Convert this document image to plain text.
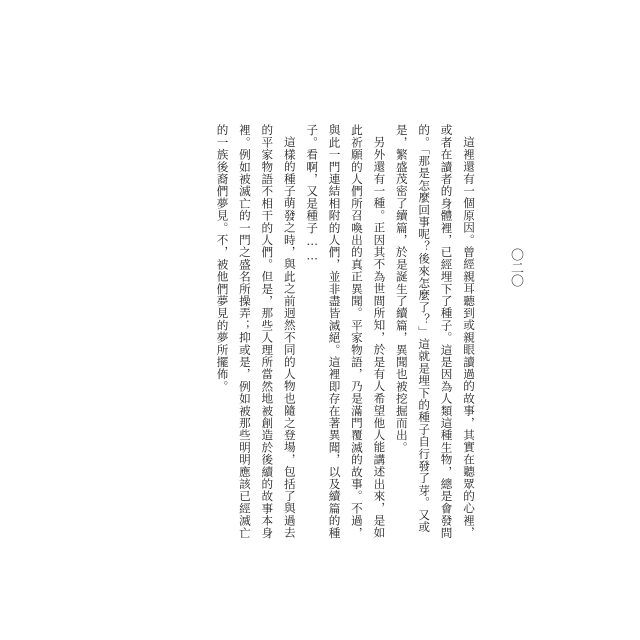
〇二〇

這裡還有一個原因。曾經親耳聽到或親眼讀過的故事，其實在聽眾的心裡，或者在讀者的身體裡，已經埋下了種子。這是因為人類這種生物，總是會發問的。「那是怎麼回事呢？後來怎麼了？」這就是埋下的種子自行發了芽。又或是，繁盛茂密了續篇，於是誕生了續篇，異聞也被挖掘而出。

另外還有一種。正因其不為世間所知，於是有人希望他人能講述出來，是如此祈願的人們所召喚出的真正異聞。平家物語，乃是滿門覆滅的故事。不過，與此一門連結相附的人們，並非盡皆滅絕。這裡即存在著異聞，以及續篇的種子。看啊，又是種子……

這樣的種子萌發之時，與此之前迥然不同的人物也隨之登場，包括了與過去的平家物語不相干的人們。但是，那些人理所當然地被創造於後續的故事本身裡。例如被滅亡的一門之盛名所操弄；抑或是，例如被那些明明應該已經滅亡的一族後裔們夢見。不，被他們夢見的夢所擺佈。
